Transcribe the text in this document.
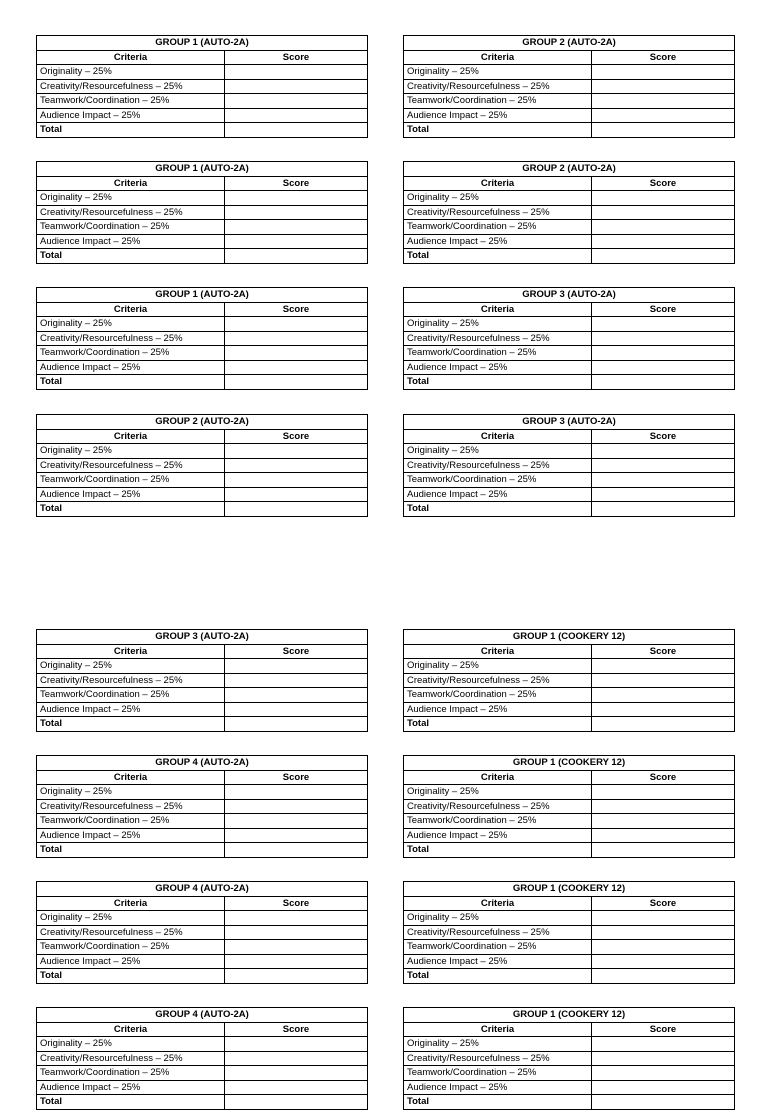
GROUP 1 (AUTO-2A)	
Criteria	Score
Originality – 25%	
Creativity/Resourcefulness – 25%	
Teamwork/Coordination – 25%	
Audience Impact – 25%	
Total	
GROUP 2 (AUTO-2A)	
Criteria	Score
Originality – 25%	
Creativity/Resourcefulness – 25%	
Teamwork/Coordination – 25%	
Audience Impact – 25%	
Total	
GROUP 1 (AUTO-2A)	
Criteria	Score
Originality – 25%	
Creativity/Resourcefulness – 25%	
Teamwork/Coordination – 25%	
Audience Impact – 25%	
Total	
GROUP 2 (AUTO-2A)	
Criteria	Score
Originality – 25%	
Creativity/Resourcefulness – 25%	
Teamwork/Coordination – 25%	
Audience Impact – 25%	
Total	
GROUP 1 (AUTO-2A)	
Criteria	Score
Originality – 25%	
Creativity/Resourcefulness – 25%	
Teamwork/Coordination – 25%	
Audience Impact – 25%	
Total	
GROUP 3 (AUTO-2A)	
Criteria	Score
Originality – 25%	
Creativity/Resourcefulness – 25%	
Teamwork/Coordination – 25%	
Audience Impact – 25%	
Total	
GROUP 2 (AUTO-2A)	
Criteria	Score
Originality – 25%	
Creativity/Resourcefulness – 25%	
Teamwork/Coordination – 25%	
Audience Impact – 25%	
Total	
GROUP 3 (AUTO-2A)	
Criteria	Score
Originality – 25%	
Creativity/Resourcefulness – 25%	
Teamwork/Coordination – 25%	
Audience Impact – 25%	
Total	
GROUP 3 (AUTO-2A)	
Criteria	Score
Originality – 25%	
Creativity/Resourcefulness – 25%	
Teamwork/Coordination – 25%	
Audience Impact – 25%	
Total	
GROUP 1 (COOKERY 12)	
Criteria	Score
Originality – 25%	
Creativity/Resourcefulness – 25%	
Teamwork/Coordination – 25%	
Audience Impact – 25%	
Total	
GROUP 4 (AUTO-2A)	
Criteria	Score
Originality – 25%	
Creativity/Resourcefulness – 25%	
Teamwork/Coordination – 25%	
Audience Impact – 25%	
Total	
GROUP 1 (COOKERY 12)	
Criteria	Score
Originality – 25%	
Creativity/Resourcefulness – 25%	
Teamwork/Coordination – 25%	
Audience Impact – 25%	
Total	
GROUP 4 (AUTO-2A)	
Criteria	Score
Originality – 25%	
Creativity/Resourcefulness – 25%	
Teamwork/Coordination – 25%	
Audience Impact – 25%	
Total	
GROUP 1 (COOKERY 12)	
Criteria	Score
Originality – 25%	
Creativity/Resourcefulness – 25%	
Teamwork/Coordination – 25%	
Audience Impact – 25%	
Total	
GROUP 4 (AUTO-2A)	
Criteria	Score
Originality – 25%	
Creativity/Resourcefulness – 25%	
Teamwork/Coordination – 25%	
Audience Impact – 25%	
Total	
GROUP 1 (COOKERY 12)	
Criteria	Score
Originality – 25%	
Creativity/Resourcefulness – 25%	
Teamwork/Coordination – 25%	
Audience Impact – 25%	
Total	
